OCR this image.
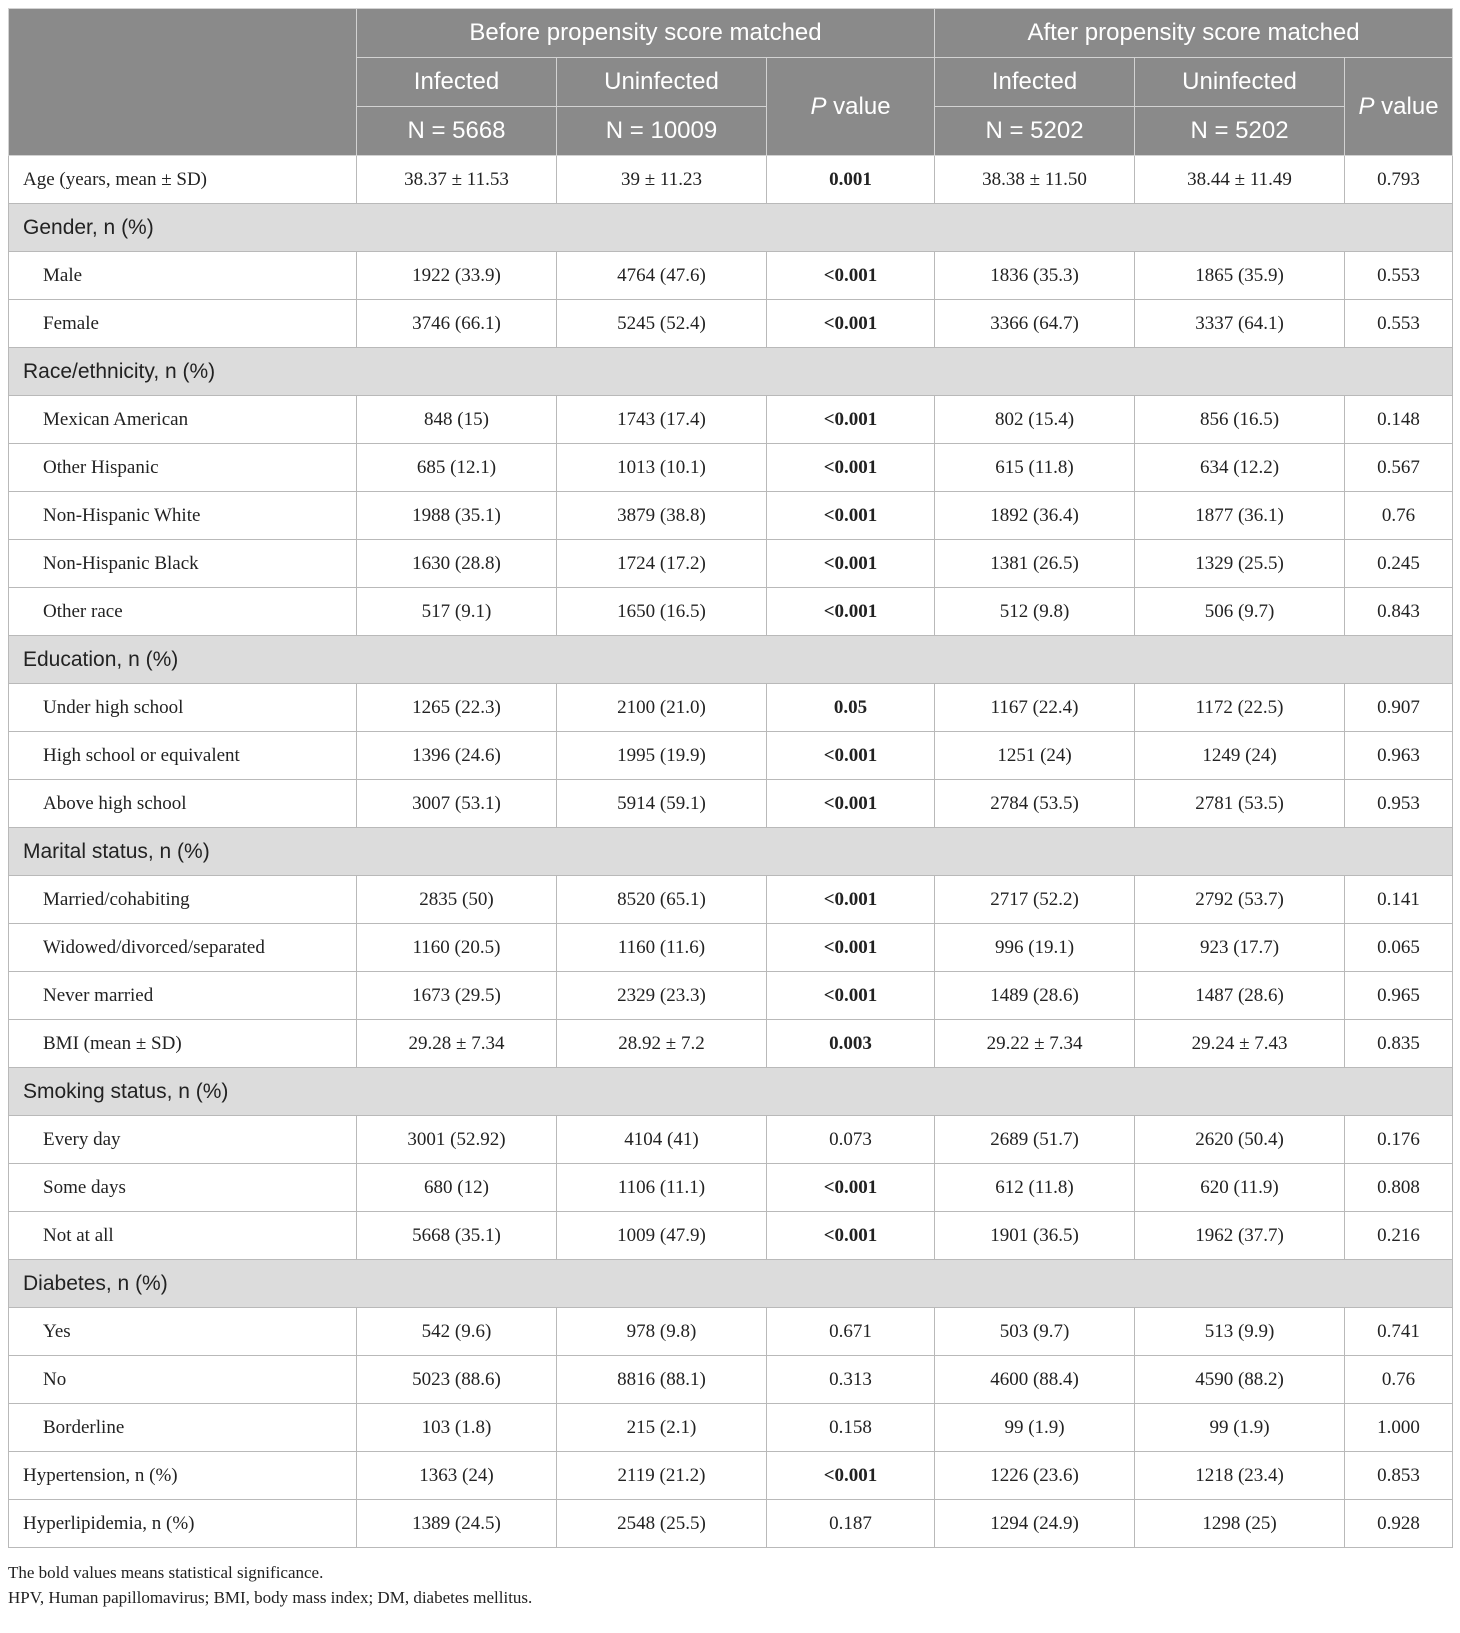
	Before propensity score matched			After propensity score matched		
	Infected	Uninfected	P value	Infected	Uninfected	P value
	N = 5668	N = 10009		N = 5202	N = 5202	
Age (years, mean ± SD)	38.37 ± 11.53	39 ± 11.23	0.001	38.38 ± 11.50	38.44 ± 11.49	0.793
Gender, n (%)						
Male	1922 (33.9)	4764 (47.6)	<0.001	1836 (35.3)	1865 (35.9)	0.553
Female	3746 (66.1)	5245 (52.4)	<0.001	3366 (64.7)	3337 (64.1)	0.553
Race/ethnicity, n (%)						
Mexican American	848 (15)	1743 (17.4)	<0.001	802 (15.4)	856 (16.5)	0.148
Other Hispanic	685 (12.1)	1013 (10.1)	<0.001	615 (11.8)	634 (12.2)	0.567
Non-Hispanic White	1988 (35.1)	3879 (38.8)	<0.001	1892 (36.4)	1877 (36.1)	0.76
Non-Hispanic Black	1630 (28.8)	1724 (17.2)	<0.001	1381 (26.5)	1329 (25.5)	0.245
Other race	517 (9.1)	1650 (16.5)	<0.001	512 (9.8)	506 (9.7)	0.843
Education, n (%)						
Under high school	1265 (22.3)	2100 (21.0)	0.05	1167 (22.4)	1172 (22.5)	0.907
High school or equivalent	1396 (24.6)	1995 (19.9)	<0.001	1251 (24)	1249 (24)	0.963
Above high school	3007 (53.1)	5914 (59.1)	<0.001	2784 (53.5)	2781 (53.5)	0.953
Marital status, n (%)						
Married/cohabiting	2835 (50)	8520 (65.1)	<0.001	2717 (52.2)	2792 (53.7)	0.141
Widowed/divorced/separated	1160 (20.5)	1160 (11.6)	<0.001	996 (19.1)	923 (17.7)	0.065
Never married	1673 (29.5)	2329 (23.3)	<0.001	1489 (28.6)	1487 (28.6)	0.965
BMI (mean ± SD)	29.28 ± 7.34	28.92 ± 7.2	0.003	29.22 ± 7.34	29.24 ± 7.43	0.835
Smoking status, n (%)						
Every day	3001 (52.92)	4104 (41)	0.073	2689 (51.7)	2620 (50.4)	0.176
Some days	680 (12)	1106 (11.1)	<0.001	612 (11.8)	620 (11.9)	0.808
Not at all	5668 (35.1)	1009 (47.9)	<0.001	1901 (36.5)	1962 (37.7)	0.216
Diabetes, n (%)						
Yes	542 (9.6)	978 (9.8)	0.671	503 (9.7)	513 (9.9)	0.741
No	5023 (88.6)	8816 (88.1)	0.313	4600 (88.4)	4590 (88.2)	0.76
Borderline	103 (1.8)	215 (2.1)	0.158	99 (1.9)	99 (1.9)	1.000
Hypertension, n (%)	1363 (24)	2119 (21.2)	<0.001	1226 (23.6)	1218 (23.4)	0.853
Hyperlipidemia, n (%)	1389 (24.5)	2548 (25.5)	0.187	1294 (24.9)	1298 (25)	0.928
The bold values means statistical significance.
HPV, Human papillomavirus; BMI, body mass index; DM, diabetes mellitus.
